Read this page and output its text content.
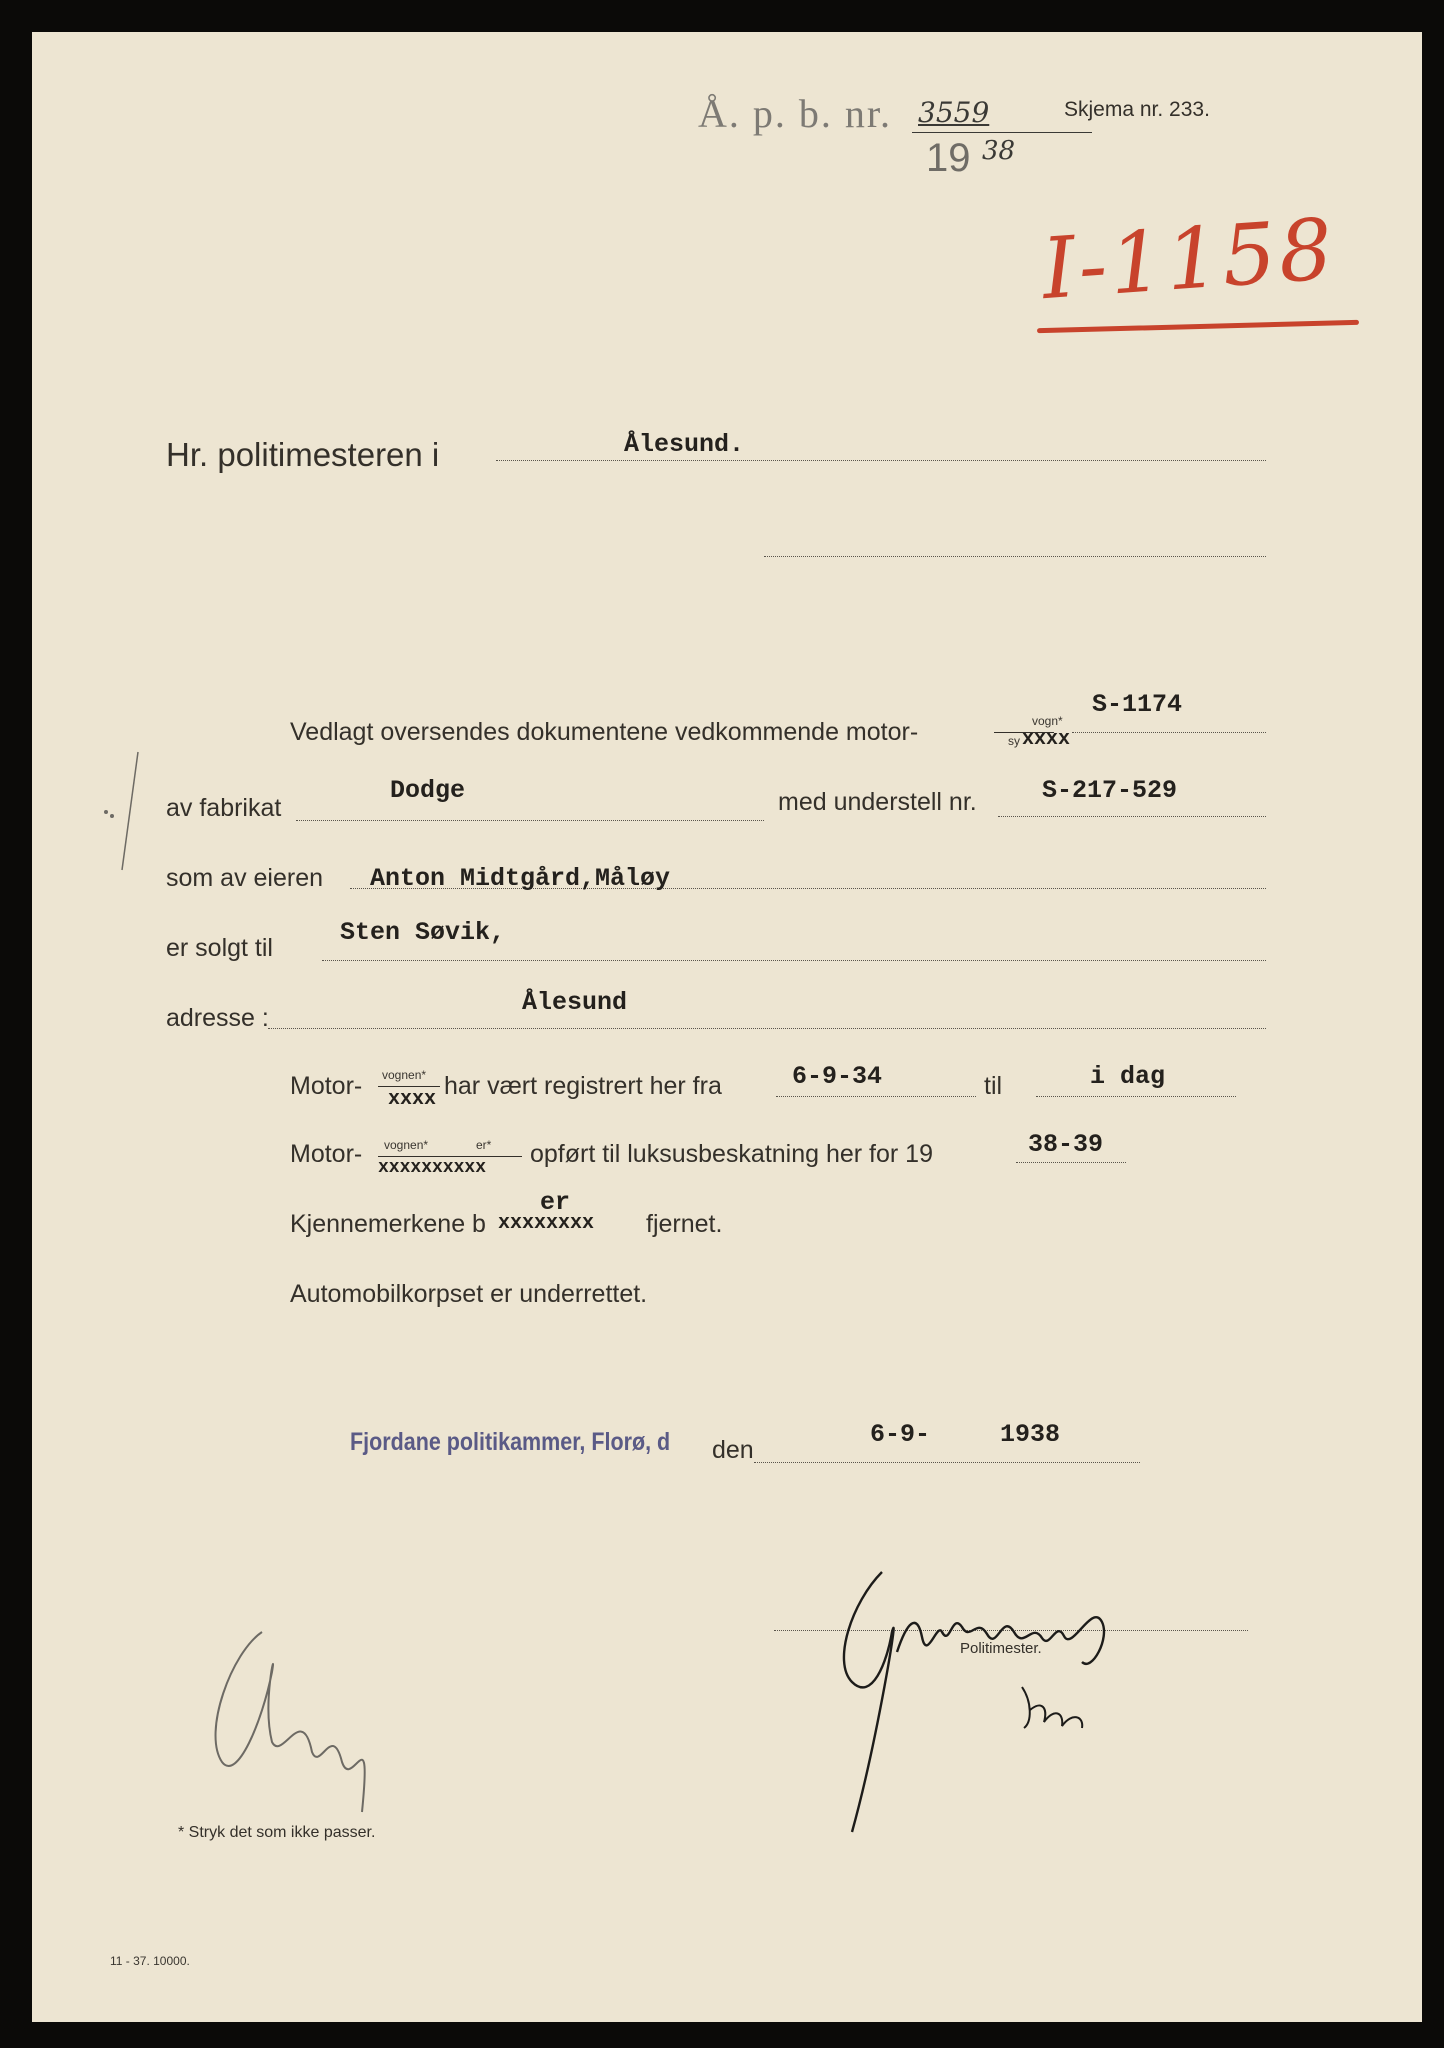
Å. p. b. nr. 3559	Skjema nr. 233.
19 38
I-1158
Hr. politimesteren i	Ålesund.
Vedlagt oversendes dokumentene vedkommende motor-	vogn*
sy xxxx
S-1174
av fabrikat
Dodge	med understell nr.	S-217-529
som av eieren Anton Midtgård,Måløy
er solgt til
Sten Søvik,
adresse :
Ålesund
Motor- vognen*
xxxx har vært registrert her fra	6-9-34	til	i dag
Motor- vognen*	er*
xxxxxxxxxx opført til luksusbeskatning her for 19	38-39
er
Kjennemerkene b xxxxxxxx fjernet.
Automobilkorpset er underrettet.
Fjordane politikammer, Florø, d den
6-9-	1938
Politimester.
* Stryk det som ikke passer.
11 - 37. 10000.
